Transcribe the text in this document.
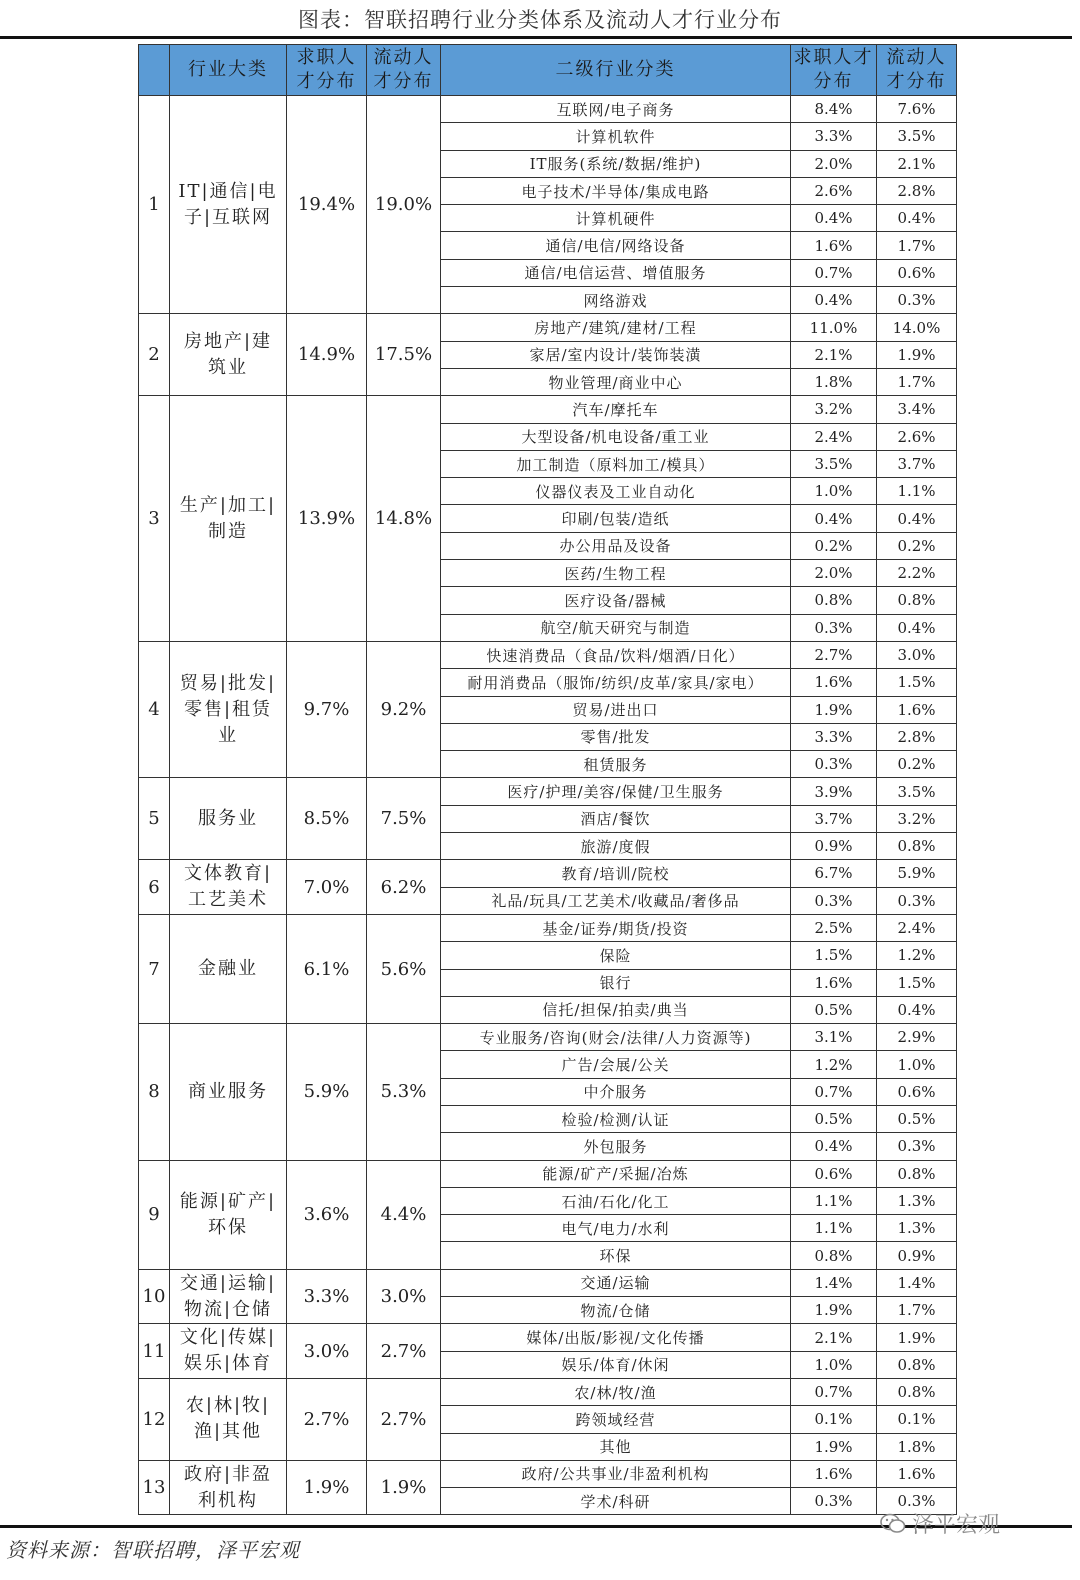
图表：智联招聘行业分类体系及流动人才行业分布
	行业大类	求职人才分布	流动人才分布	二级行业分类	求职人才分布	流动人才分布
1	IT|通信|电子|互联网	19.4%	19.0%	互联网/电子商务	8.4%	7.6%
				计算机软件	3.3%	3.5%
				IT服务(系统/数据/维护)	2.0%	2.1%
				电子技术/半导体/集成电路	2.6%	2.8%
				计算机硬件	0.4%	0.4%
				通信/电信/网络设备	1.6%	1.7%
				通信/电信运营、增值服务	0.7%	0.6%
				网络游戏	0.4%	0.3%
2	房地产|建筑业	14.9%	17.5%	房地产/建筑/建材/工程	11.0%	14.0%
				家居/室内设计/装饰装潢	2.1%	1.9%
				物业管理/商业中心	1.8%	1.7%
3	生产|加工|制造	13.9%	14.8%	汽车/摩托车	3.2%	3.4%
				大型设备/机电设备/重工业	2.4%	2.6%
				加工制造（原料加工/模具）	3.5%	3.7%
				仪器仪表及工业自动化	1.0%	1.1%
				印刷/包装/造纸	0.4%	0.4%
				办公用品及设备	0.2%	0.2%
				医药/生物工程	2.0%	2.2%
				医疗设备/器械	0.8%	0.8%
				航空/航天研究与制造	0.3%	0.4%
4	贸易|批发|零售|租赁业	9.7%	9.2%	快速消费品（食品/饮料/烟酒/日化）	2.7%	3.0%
				耐用消费品（服饰/纺织/皮革/家具/家电）	1.6%	1.5%
				贸易/进出口	1.9%	1.6%
				零售/批发	3.3%	2.8%
				租赁服务	0.3%	0.2%
5	服务业	8.5%	7.5%	医疗/护理/美容/保健/卫生服务	3.9%	3.5%
				酒店/餐饮	3.7%	3.2%
				旅游/度假	0.9%	0.8%
6	文体教育|工艺美术	7.0%	6.2%	教育/培训/院校	6.7%	5.9%
				礼品/玩具/工艺美术/收藏品/奢侈品	0.3%	0.3%
7	金融业	6.1%	5.6%	基金/证券/期货/投资	2.5%	2.4%
				保险	1.5%	1.2%
				银行	1.6%	1.5%
				信托/担保/拍卖/典当	0.5%	0.4%
8	商业服务	5.9%	5.3%	专业服务/咨询(财会/法律/人力资源等)	3.1%	2.9%
				广告/会展/公关	1.2%	1.0%
				中介服务	0.7%	0.6%
				检验/检测/认证	0.5%	0.5%
				外包服务	0.4%	0.3%
9	能源|矿产|环保	3.6%	4.4%	能源/矿产/采掘/冶炼	0.6%	0.8%
				石油/石化/化工	1.1%	1.3%
				电气/电力/水利	1.1%	1.3%
				环保	0.8%	0.9%
10	交通|运输|物流|仓储	3.3%	3.0%	交通/运输	1.4%	1.4%
				物流/仓储	1.9%	1.7%
11	文化|传媒|娱乐|体育	3.0%	2.7%	媒体/出版/影视/文化传播	2.1%	1.9%
				娱乐/体育/休闲	1.0%	0.8%
12	农|林|牧|渔|其他	2.7%	2.7%	农/林/牧/渔	0.7%	0.8%
				跨领域经营	0.1%	0.1%
				其他	1.9%	1.8%
13	政府|非盈利机构	1.9%	1.9%	政府/公共事业/非盈利机构	1.6%	1.6%
				学术/科研	0.3%	0.3%
资料来源：智联招聘，泽平宏观
泽平宏观
